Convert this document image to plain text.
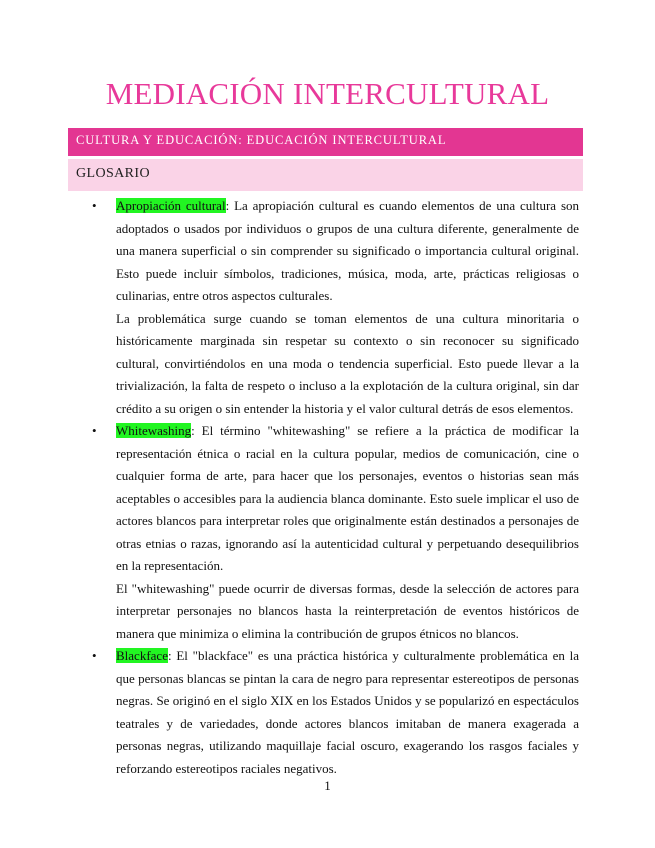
MEDIACIÓN INTERCULTURAL
CULTURA Y EDUCACIÓN: EDUCACIÓN INTERCULTURAL
GLOSARIO
• Apropiación cultural: La apropiación cultural es cuando elementos de una cultura son adoptados o usados por individuos o grupos de una cultura diferente, generalmente de una manera superficial o sin comprender su significado o importancia cultural original. Esto puede incluir símbolos, tradiciones, música, moda, arte, prácticas religiosas o culinarias, entre otros aspectos culturales.

La problemática surge cuando se toman elementos de una cultura minoritaria o históricamente marginada sin respetar su contexto o sin reconocer su significado cultural, convirtiéndolos en una moda o tendencia superficial. Esto puede llevar a la trivialización, la falta de respeto o incluso a la explotación de la cultura original, sin dar crédito a su origen o sin entender la historia y el valor cultural detrás de esos elementos.

• Whitewashing: El término "whitewashing" se refiere a la práctica de modificar la representación étnica o racial en la cultura popular, medios de comunicación, cine o cualquier forma de arte, para hacer que los personajes, eventos o historias sean más aceptables o accesibles para la audiencia blanca dominante. Esto suele implicar el uso de actores blancos para interpretar roles que originalmente están destinados a personajes de otras etnias o razas, ignorando así la autenticidad cultural y perpetuando desequilibrios en la representación.

El "whitewashing" puede ocurrir de diversas formas, desde la selección de actores para interpretar personajes no blancos hasta la reinterpretación de eventos históricos de manera que minimiza o elimina la contribución de grupos étnicos no blancos.

• Blackface: El "blackface" es una práctica histórica y culturalmente problemática en la que personas blancas se pintan la cara de negro para representar estereotipos de personas negras. Se originó en el siglo XIX en los Estados Unidos y se popularizó en espectáculos teatrales y de variedades, donde actores blancos imitaban de manera exagerada a personas negras, utilizando maquillaje facial oscuro, exagerando los rasgos faciales y reforzando estereotipos raciales negativos.

1
